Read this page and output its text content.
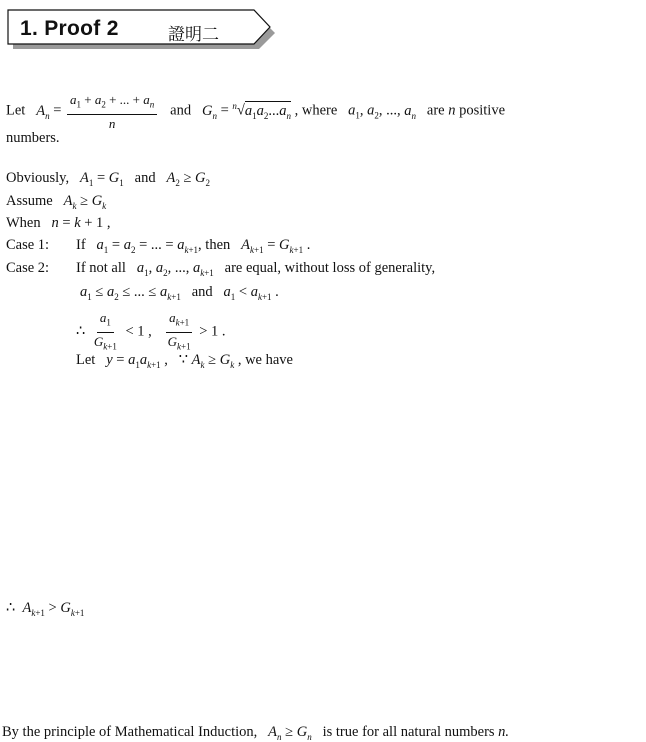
1. Proof 2	證明二
Let $A_n = \frac{a_1 + a_2 + ... + a_n}{n}$ and $G_n = ^n√a_1a_2...a_n$ , where $a_1$, $a_2$, ..., $a_n$ are n positive
numbers.
Obviously, $A_1 = G_1$ and $A_2 \ge G_2$
Assume $A_k \ge G_k$
When n = k + 1 ,
Case 1: If $a_1 = a_2$ = ... = $a_{k+1}$, then $A_{k+1} = G_{k+1}$ .
Case 2: If not all $a_1$, $a_2$, ..., $a_{k+1}$ are equal, without loss of generality,
$a_1 \le a_2$ ≤ ... ≤ $a_{k+1}$ and $a_1 < a_{k+1}$ .
∴ $\frac{a_1}{G_{k+1}} < 1$ , $\frac{a_{k+1}}{G_{k+1}} > 1$ .
Let $y = a_1a_{k+1}$ ,   ∵ $A_k \ge G_k$ , we have
∴  $A_{k+1} > G_{k+1}$
By the principle of Mathematical Induction, $A_n \ge G_n$ is true for all natural numbers n.
